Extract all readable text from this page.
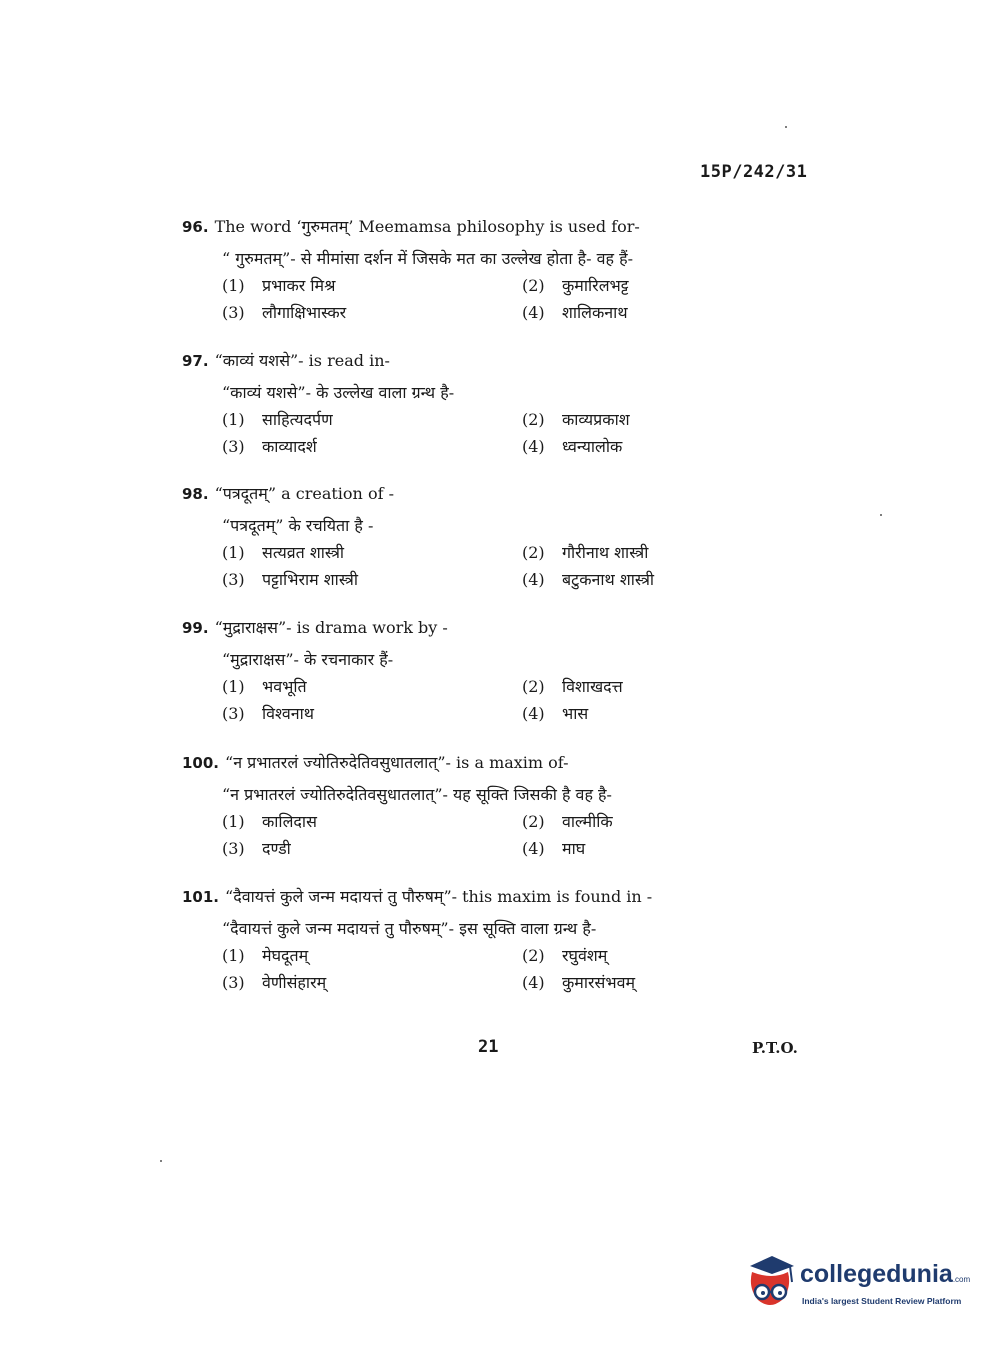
15P/242/31
96. The word ‘गुरुमतम्’ Meemamsa philosophy is used for-
“ गुरुमतम्”- से मीमांसा दर्शन में जिसके मत का उल्लेख होता है- वह हैं-
(1) प्रभाकर मिश्र	(2) कुमारिलभट्ट
(3) लौगाक्षिभास्कर	(4) शालिकनाथ
97. “काव्यं यशसे”- is read in-
“काव्यं यशसे”- के उल्लेख वाला ग्रन्थ है-
(1) साहित्यदर्पण	(2) काव्यप्रकाश
(3) काव्यादर्श	(4) ध्वन्यालोक
98. “पत्रदूतम्” a creation of -
“पत्रदूतम्” के रचयिता है -
(1) सत्यव्रत शास्त्री	(2) गौरीनाथ शास्त्री
(3) पट्टाभिराम शास्त्री	(4) बटुकनाथ शास्त्री
99. “मुद्राराक्षस”- is drama work by -
“मुद्राराक्षस”- के रचनाकार हैं-
(1) भवभूति	(2) विशाखदत्त
(3) विश्वनाथ	(4) भास
100. “न प्रभातरलं ज्योतिरुदेतिवसुधातलात्”- is a maxim of-
“न प्रभातरलं ज्योतिरुदेतिवसुधातलात्”- यह सूक्ति जिसकी है वह है-
(1) कालिदास	(2) वाल्मीकि
(3) दण्डी	(4) माघ
101. “दैवायत्तं कुले जन्म मदायत्तं तु पौरुषम्”- this maxim is found in -
“दैवायत्तं कुले जन्म मदायत्तं तु पौरुषम्”- इस सूक्ति वाला ग्रन्थ है-
(1) मेघदूतम्	(2) रघुवंशम्
(3) वेणीसंहारम्	(4) कुमारसंभवम्
21	P.T.O.
collegedunia.com
India's largest Student Review Platform
